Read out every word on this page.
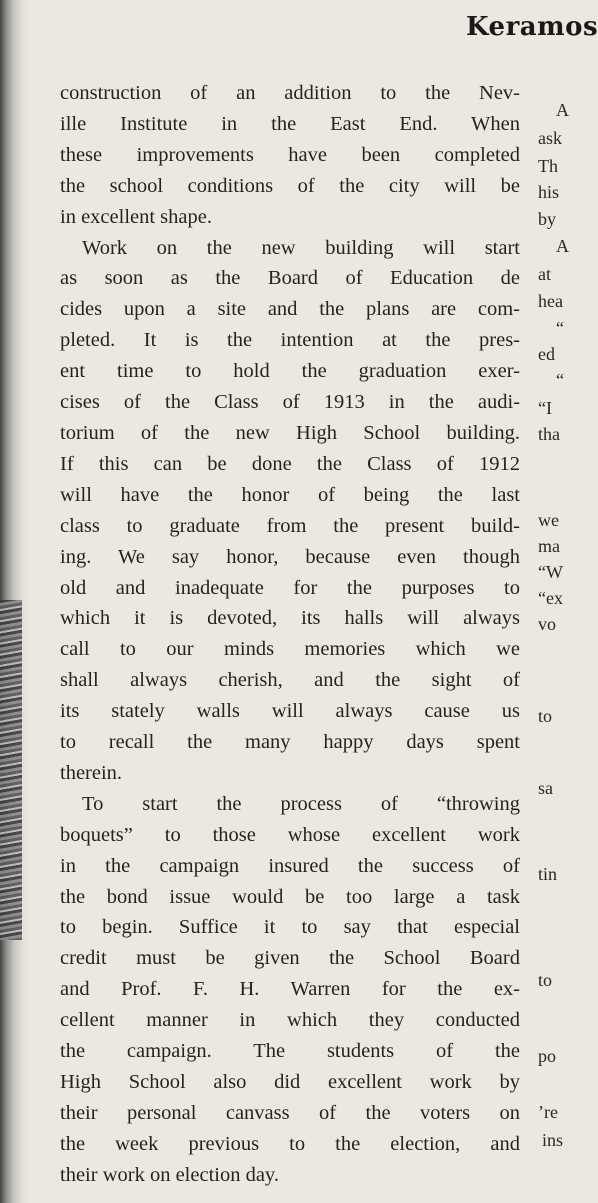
Keramos

construction of an addition to the Nev-
ille Institute in the East End. When
these improvements have been completed
the school conditions of the city will be
in excellent shape.

Work on the new building will start
as soon as the Board of Education de
cides upon a site and the plans are com-
pleted. It is the intention at the pres-
ent time to hold the graduation exer-
cises of the Class of 1913 in the audi-
torium of the new High School building.
If this can be done the Class of 1912
will have the honor of being the last
class to graduate from the present build-
ing. We say honor, because even though
old and inadequate for the purposes to
which it is devoted, its halls will always
call to our minds memories which we
shall always cherish, and the sight of
its stately walls will always cause us
to recall the many happy days spent
therein.

To start the process of “throwing
boquets” to those whose excellent work
in the campaign insured the success of
the bond issue would be too large a task
to begin. Suffice it to say that especial
credit must be given the School Board
and Prof. F. H. Warren for the ex-
cellent manner in which they conducted
the campaign. The students of the
High School also did excellent work by
their personal canvass of the voters on
the week previous to the election, and
their work on election day.

A
ask
Th
his
by
A
at
hea
“
ed
“
“I
tha
we
ma
“W
“ex
vo
to
sa
tin
to
po
’re
ins
